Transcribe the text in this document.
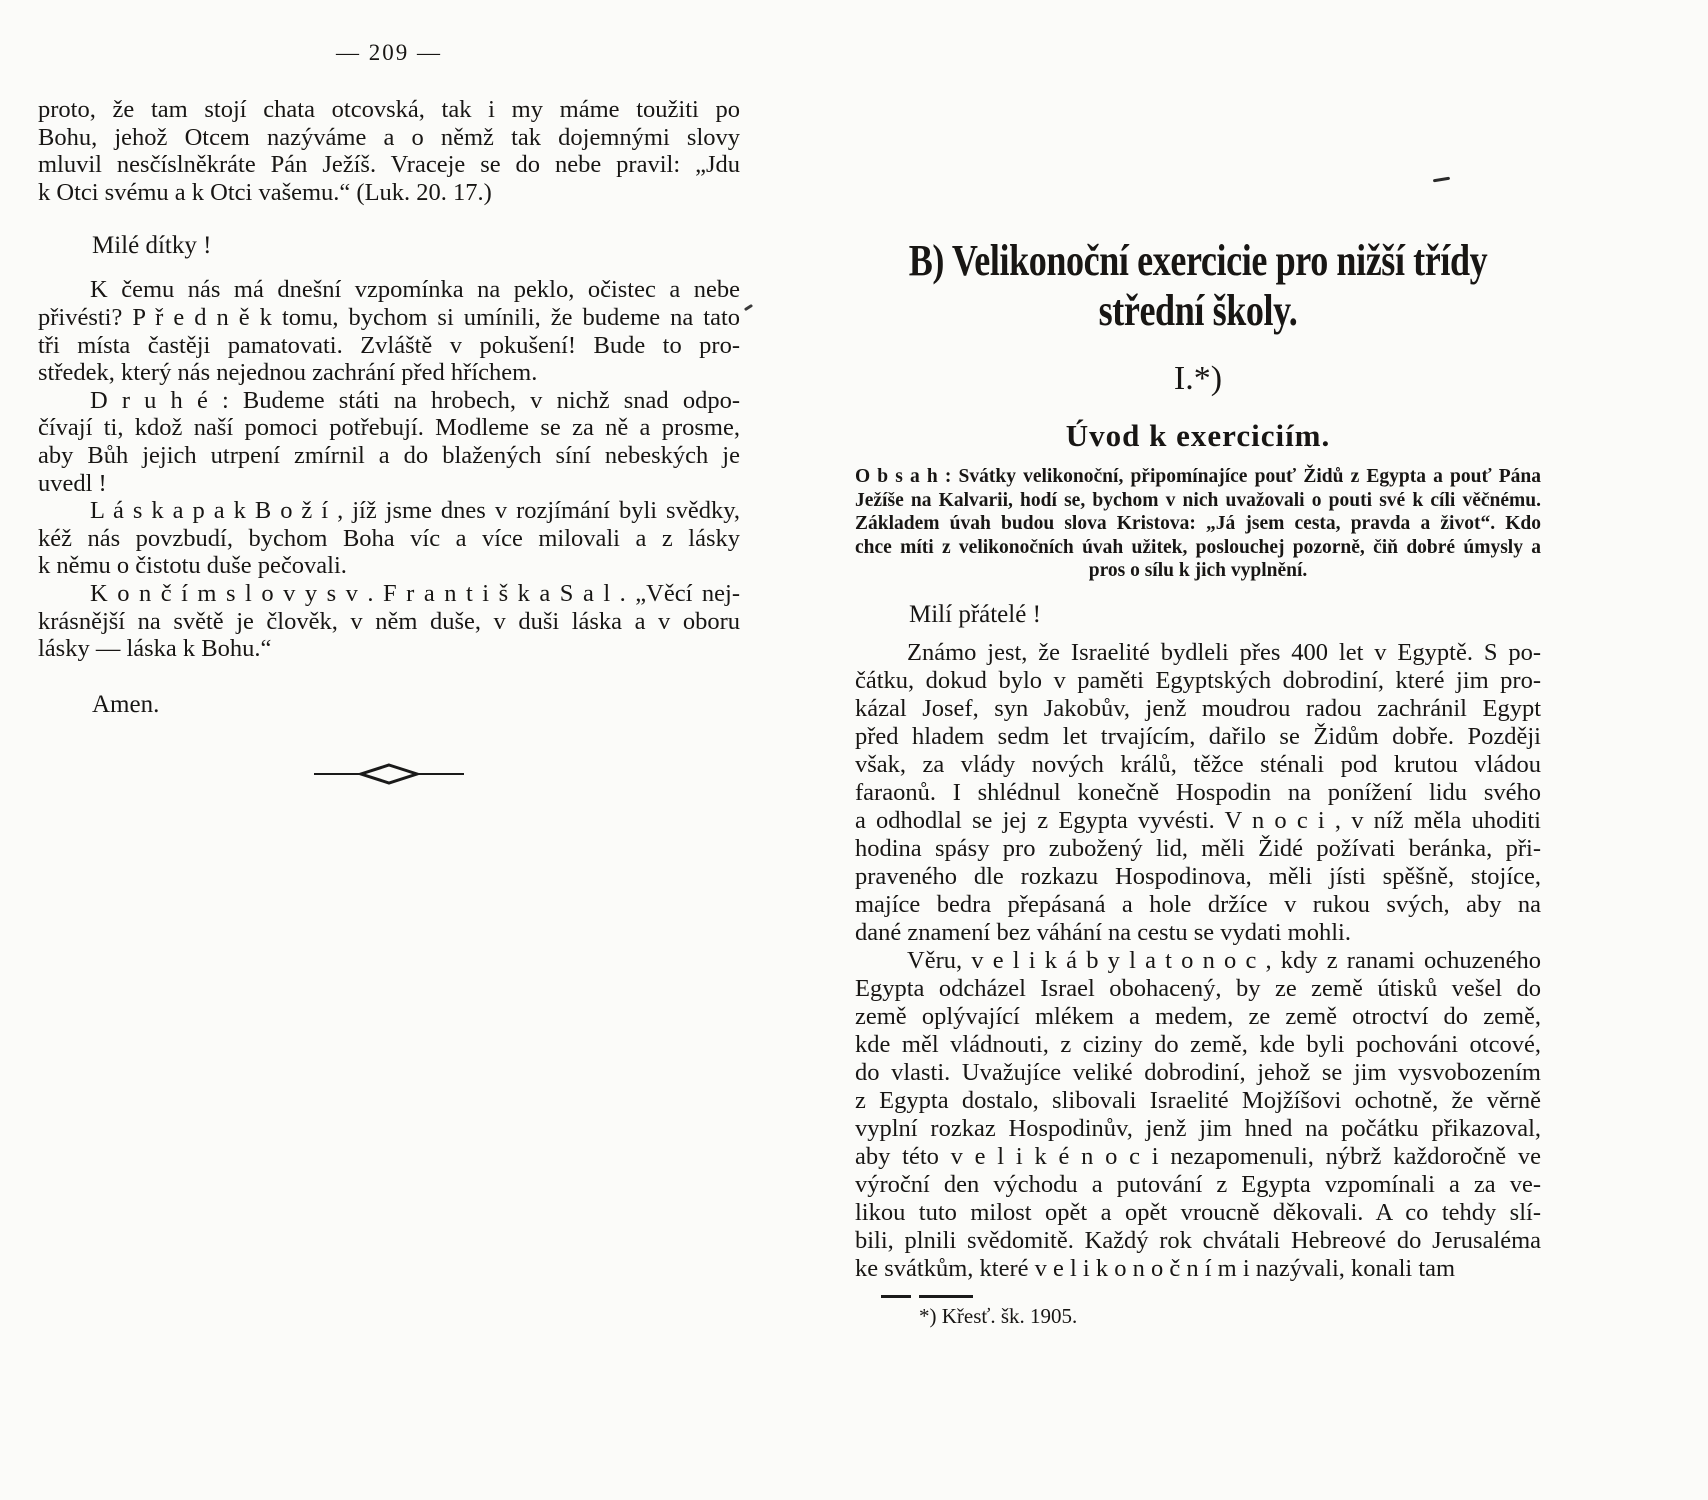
— 209 —
proto, že tam stojí chata otcovská, tak i my máme toužiti po
Bohu, jehož Otcem nazýváme a o němž tak dojemnými slovy
mluvil nesčíslněkráte Pán Ježíš. Vraceje se do nebe pravil: „Jdu
k Otci svému a k Otci vašemu.“ (Luk. 20. 17.)
Milé dítky !
K čemu nás má dnešní vzpomínka na peklo, očistec a nebe
přivésti? P ř e d n ě k tomu, bychom si umínili, že budeme na tato
tři místa častěji pamatovati. Zvláště v pokušení! Bude to pro-
středek, který nás nejednou zachrání před hříchem.
D r u h é : Budeme státi na hrobech, v nichž snad odpo-
čívají ti, kdož naší pomoci potřebují. Modleme se za ně a prosme,
aby Bůh jejich utrpení zmírnil a do blažených síní nebeských je
uvedl !
L á s k a p a k B o ž í , jíž jsme dnes v rozjímání byli svědky,
kéž nás povzbudí, bychom Boha víc a více milovali a z lásky
k němu o čistotu duše pečovali.
K o n č í m s l o v y s v . F r a n t i š k a S a l . „Věcí nej-
krásnější na světě je člověk, v něm duše, v duši láska a v oboru
lásky — láska k Bohu.“
Amen.
B) Velikonoční exercicie pro nižší třídy
střední školy.
I.*)
Úvod k exerciciím.
O b s a h : Svátky velikonoční, připomínajíce pouť Židů z Egypta a pouť Pána
Ježíše na Kalvarii, hodí se, bychom v nich uvažovali o pouti své k cíli věčnému.
Základem úvah budou slova Kristova: „Já jsem cesta, pravda a život“. Kdo
chce míti z velikonočních úvah užitek, poslouchej pozorně, čiň dobré úmysly a
pros o sílu k jich vyplnění.
Milí přátelé !
Známo jest, že Israelité bydleli přes 400 let v Egyptě. S po-
čátku, dokud bylo v paměti Egyptských dobrodiní, které jim pro-
kázal Josef, syn Jakobův, jenž moudrou radou zachránil Egypt
před hladem sedm let trvajícím, dařilo se Židům dobře. Později
však, za vlády nových králů, těžce sténali pod krutou vládou
faraonů. I shlédnul konečně Hospodin na ponížení lidu svého
a odhodlal se jej z Egypta vyvésti. V n o c i , v níž měla uhoditi
hodina spásy pro zubožený lid, měli Židé požívati beránka, při-
praveného dle rozkazu Hospodinova, měli jísti spěšně, stojíce,
majíce bedra přepásaná a hole držíce v rukou svých, aby na
dané znamení bez váhání na cestu se vydati mohli.
Věru, v e l i k á b y l a t o n o c , kdy z ranami ochuzeného
Egypta odcházel Israel obohacený, by ze země útisků vešel do
země oplývající mlékem a medem, ze země otroctví do země,
kde měl vládnouti, z ciziny do země, kde byli pochováni otcové,
do vlasti. Uvažujíce veliké dobrodiní, jehož se jim vysvobozením
z Egypta dostalo, slibovali Israelité Mojžíšovi ochotně, že věrně
vyplní rozkaz Hospodinův, jenž jim hned na počátku přikazoval,
aby této v e l i k é n o c i nezapomenuli, nýbrž každoročně ve
výroční den východu a putování z Egypta vzpomínali a za ve-
likou tuto milost opět a opět vroucně děkovali. A co tehdy slí-
bili, plnili svědomitě. Každý rok chvátali Hebreové do Jerusaléma
ke svátkům, které v e l i k o n o č n í m i nazývali, konali tam
*) Křesť. šk. 1905.
